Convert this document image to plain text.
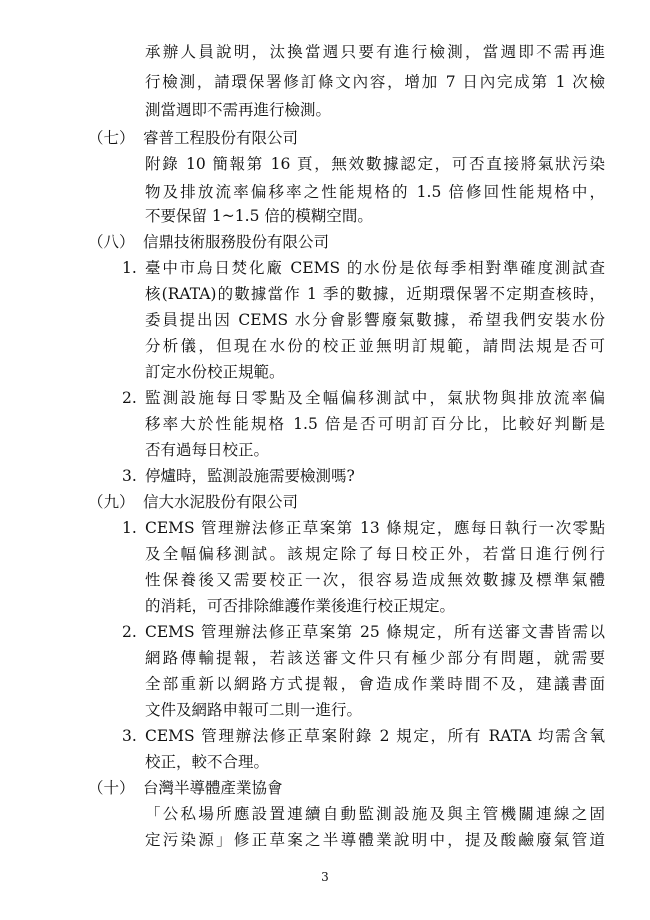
承辦人員說明，汰換當週只要有進行檢測，當週即不需再進
行檢測，請環保署修訂條文內容，增加 7 日內完成第 1 次檢
測當週即不需再進行檢測。
（七） 睿普工程股份有限公司
附錄 10 簡報第 16 頁，無效數據認定，可否直接將氣狀污染
物及排放流率偏移率之性能規格的 1.5 倍修回性能規格中，
不要保留 1~1.5 倍的模糊空間。
（八） 信鼎技術服務股份有限公司
1. 臺中市烏日焚化廠 CEMS 的水份是依每季相對準確度測試查
核(RATA)的數據當作 1 季的數據，近期環保署不定期查核時，
委員提出因 CEMS 水分會影響廢氣數據，希望我們安裝水份
分析儀，但現在水份的校正並無明訂規範，請問法規是否可
訂定水份校正規範。
2. 監測設施每日零點及全幅偏移測試中，氣狀物與排放流率偏
移率大於性能規格 1.5 倍是否可明訂百分比，比較好判斷是
否有過每日校正。
3. 停爐時，監測設施需要檢測嗎?
（九） 信大水泥股份有限公司
1. CEMS 管理辦法修正草案第 13 條規定，應每日執行一次零點
及全幅偏移測試。該規定除了每日校正外，若當日進行例行
性保養後又需要校正一次，很容易造成無效數據及標準氣體
的消耗，可否排除維護作業後進行校正規定。
2. CEMS 管理辦法修正草案第 25 條規定，所有送審文書皆需以
網路傳輸提報，若該送審文件只有極少部分有問題，就需要
全部重新以網路方式提報，會造成作業時間不及，建議書面
文件及網路申報可二則一進行。
3. CEMS 管理辦法修正草案附錄 2 規定，所有 RATA 均需含氧
校正，較不合理。
（十） 台灣半導體產業協會
「公私場所應設置連續自動監測設施及與主管機關連線之固
定污染源」修正草案之半導體業說明中，提及酸鹼廢氣管道
3
